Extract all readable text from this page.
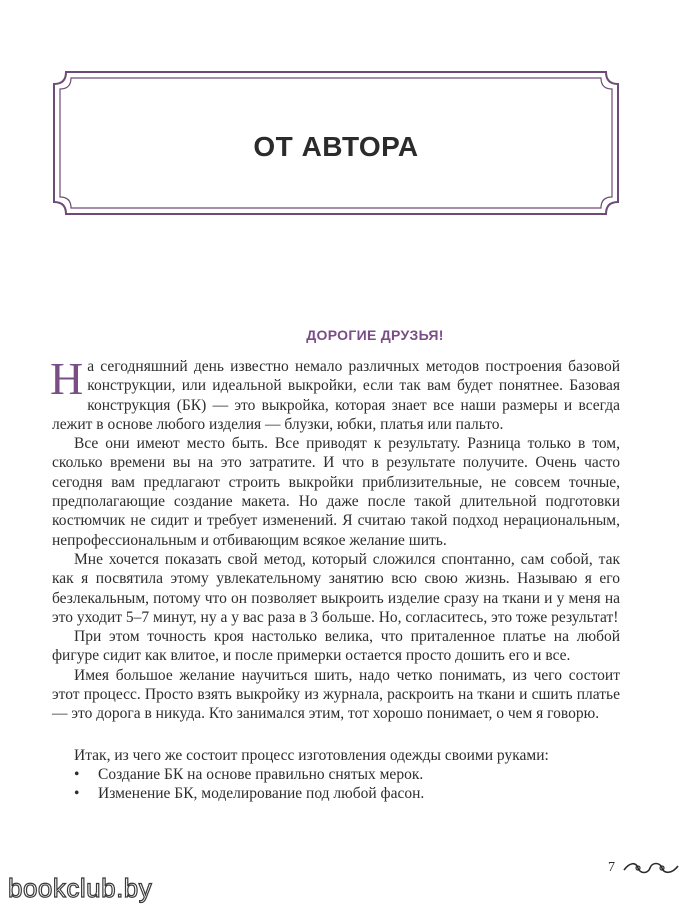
ОТ АВТОРА
ДОРОГИЕ ДРУЗЬЯ!

На сегодняшний день известно немало различных методов построения базовой конструкции, или идеальной выкройки, если так вам будет понятнее. Базовая конструкция (БК) — это выкройка, которая знает все наши размеры и всегда лежит в основе любого изделия — блузки, юбки, платья или пальто.

Все они имеют место быть. Все приводят к результату. Разница только в том, сколько времени вы на это затратите. И что в результате получите. Очень часто сегодня вам предлагают строить выкройки приблизительные, не совсем точные, предполагающие создание макета. Но даже после такой длительной подготовки костюмчик не сидит и требует изменений. Я считаю такой подход нерациональным, непрофессиональным и отбивающим всякое желание шить.

Мне хочется показать свой метод, который сложился спонтанно, сам собой, так как я посвятила этому увлекательному занятию всю свою жизнь. Называю я его безлекальным, потому что он позволяет выкроить изделие сразу на ткани и у меня на это уходит 5–7 минут, ну а у вас раза в 3 больше. Но, согласитесь, это тоже результат!

При этом точность кроя настолько велика, что приталенное платье на любой фигуре сидит как влитое, и после примерки остается просто дошить его и все.

Имея большое желание научиться шить, надо четко понимать, из чего состоит этот процесс. Просто взять выкройку из журнала, раскроить на ткани и сшить платье — это дорога в никуда. Кто занимался этим, тот хорошо понимает, о чем я говорю.

Итак, из чего же состоит процесс изготовления одежды своими руками:

• Создание БК на основе правильно снятых мерок.
• Изменение БК, моделирование под любой фасон.
7
bookclub.by
